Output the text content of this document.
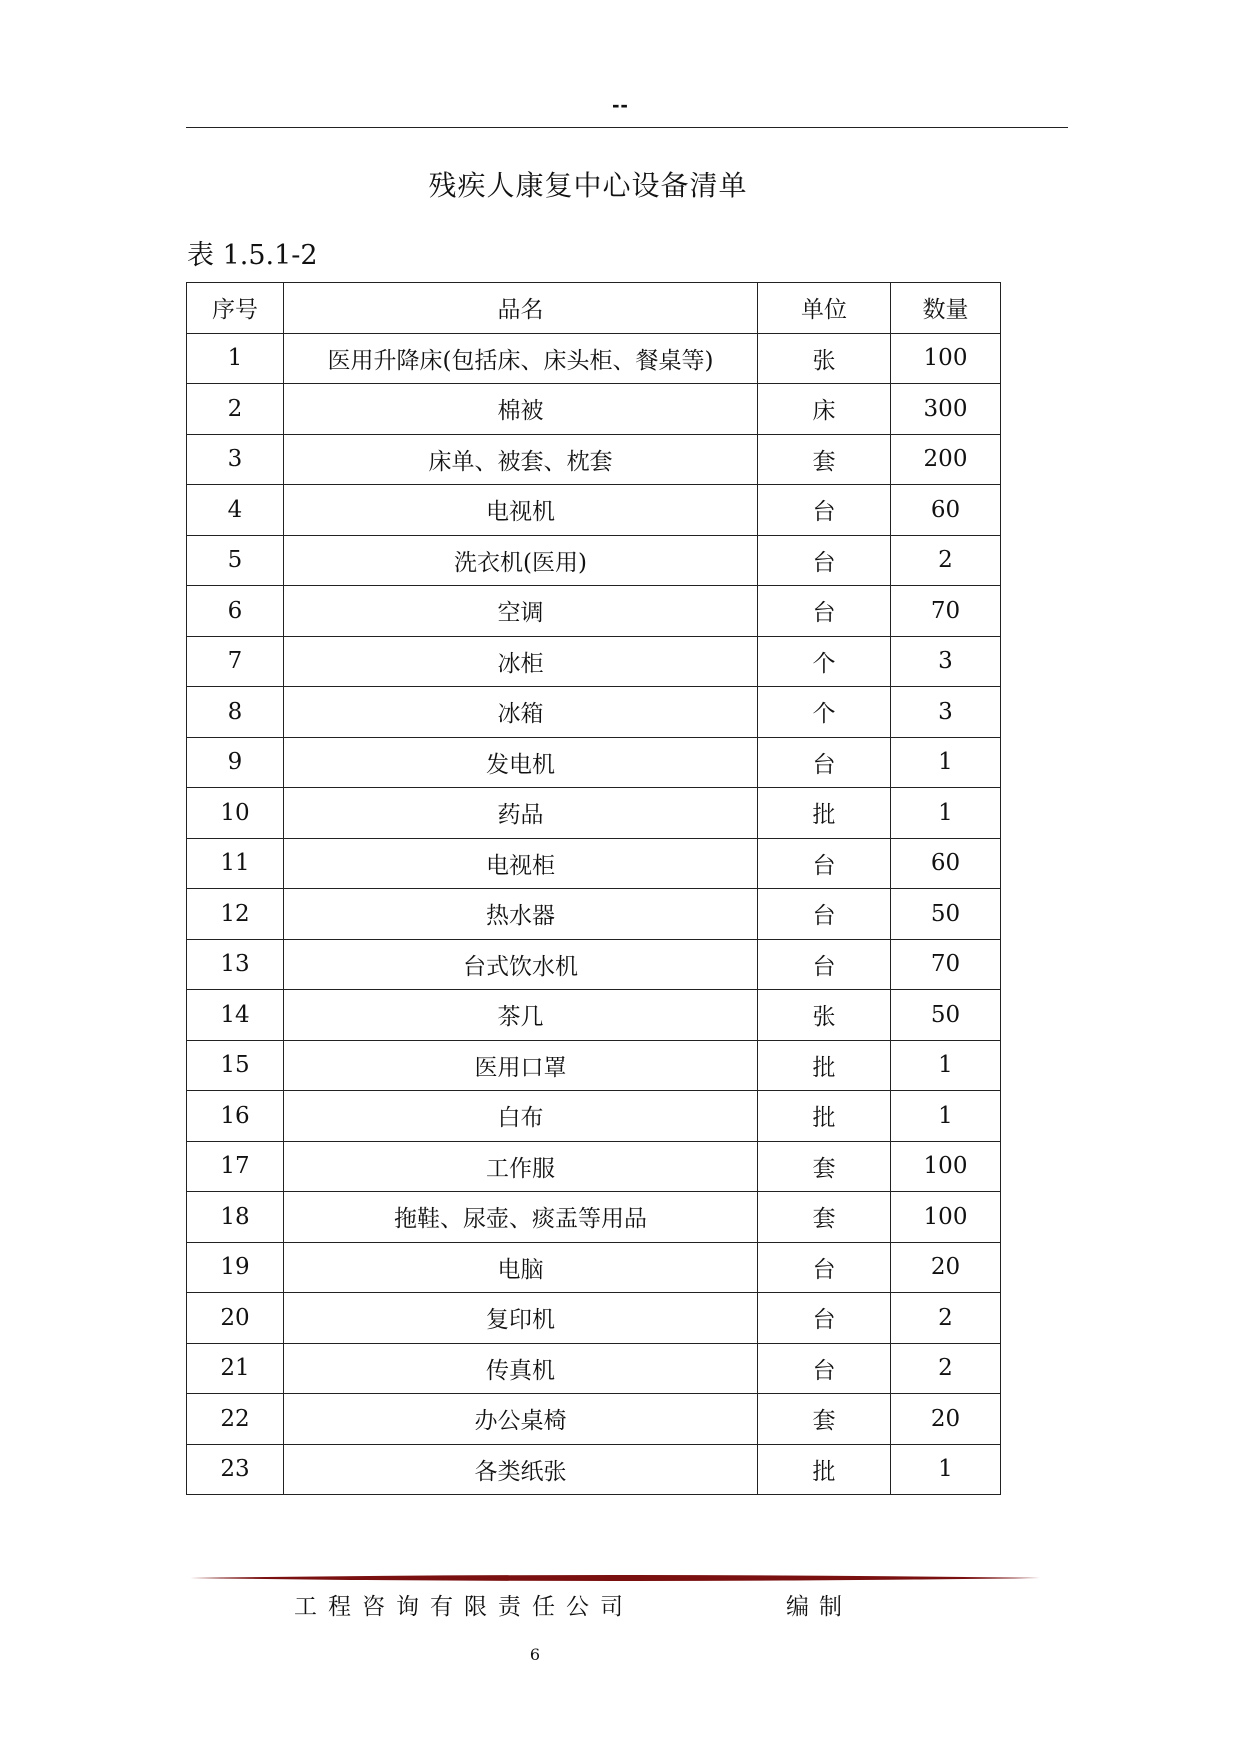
--
残疾人康复中心设备清单
表 1.5.1-2
序号	品名	单位	数量
1	医用升降床(包括床、床头柜、餐桌等)	张	100
2	棉被	床	300
3	床单、被套、枕套	套	200
4	电视机	台	60
5	洗衣机(医用)	台	2
6	空调	台	70
7	冰柜	个	3
8	冰箱	个	3
9	发电机	台	1
10	药品	批	1
11	电视柜	台	60
12	热水器	台	50
13	台式饮水机	台	70
14	茶几	张	50
15	医用口罩	批	1
16	白布	批	1
17	工作服	套	100
18	拖鞋、尿壶、痰盂等用品	套	100
19	电脑	台	20
20	复印机	台	2
21	传真机	台	2
22	办公桌椅	套	20
23	各类纸张	批	1
工程咨询有限责任公司	编制
6
